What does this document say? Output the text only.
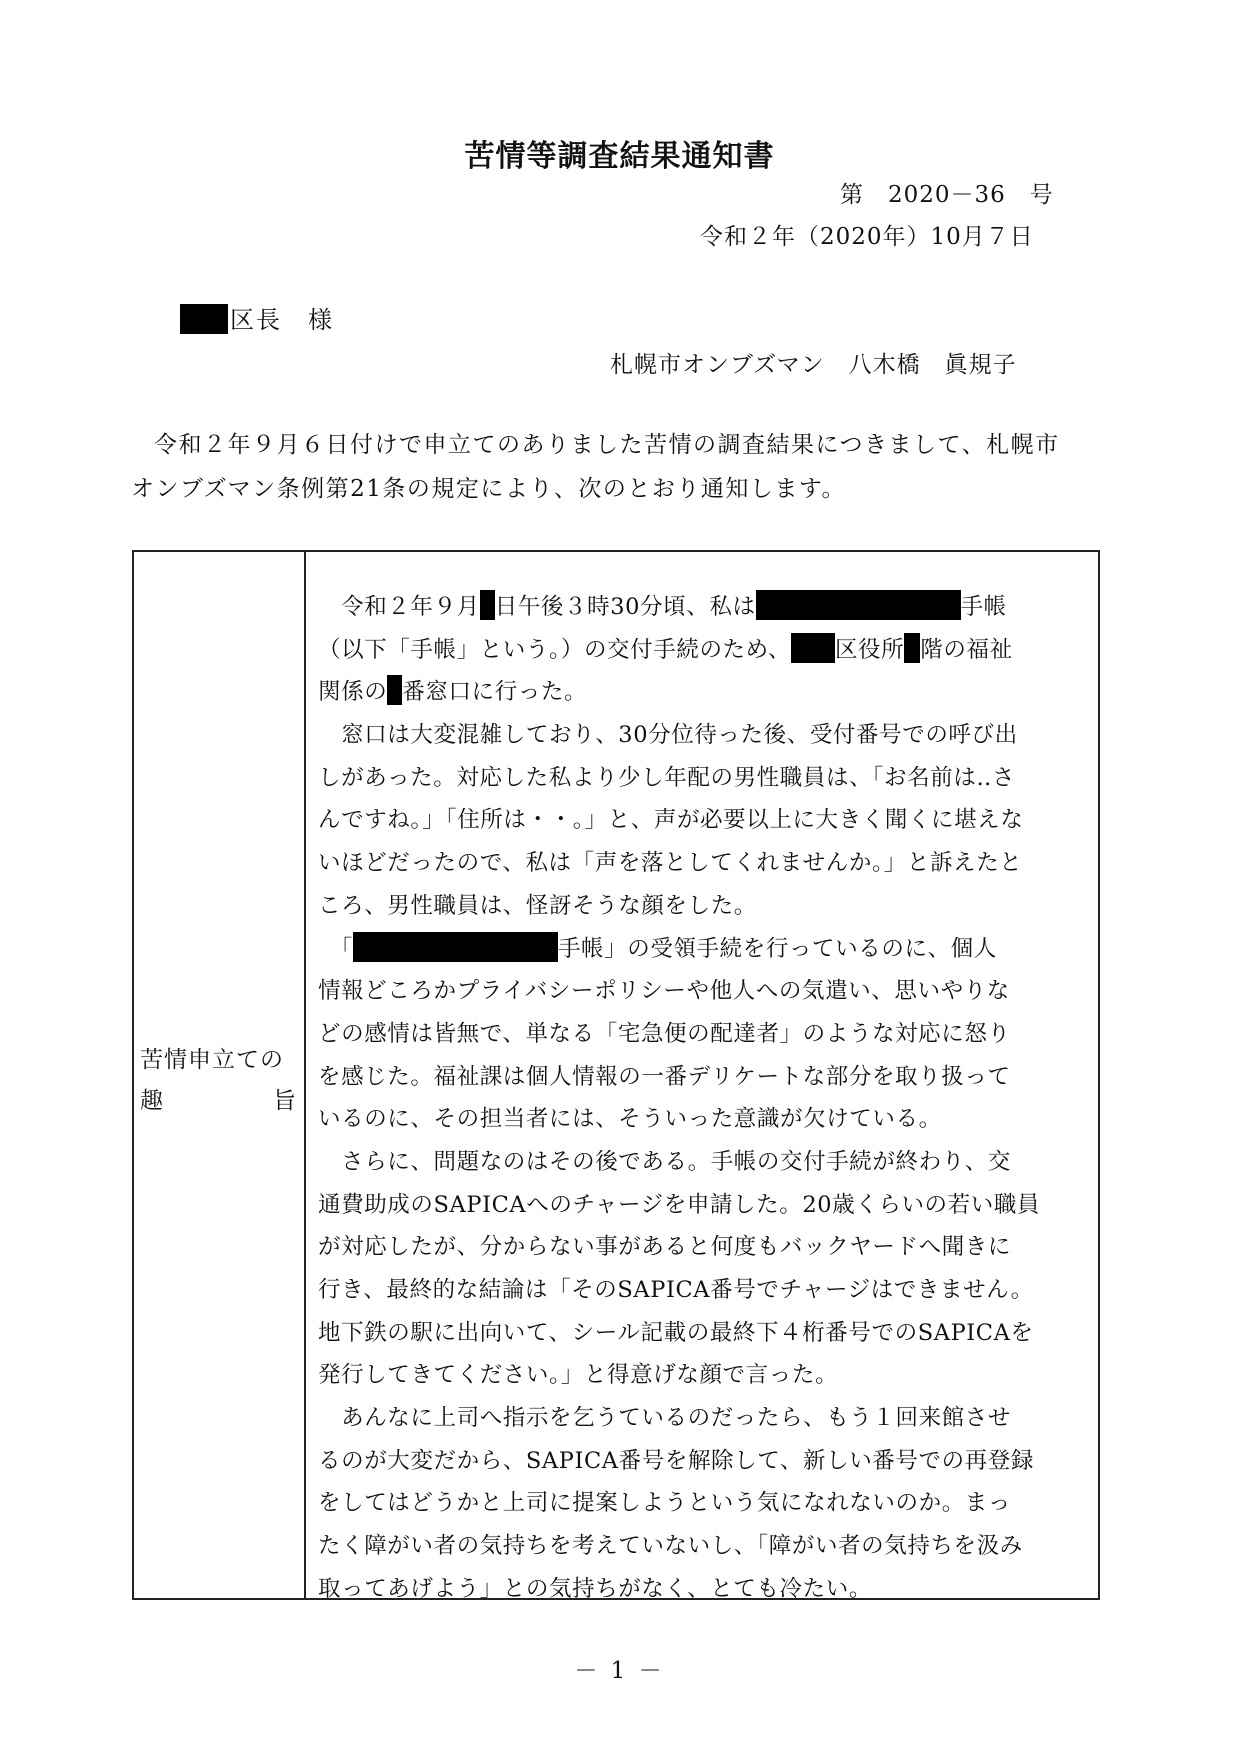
苦情等調査結果通知書
第　2020－36　号
令和２年（2020年）10月７日
区長　様
札幌市オンブズマン　八木橋　眞規子

令和２年９月６日付けで申立てのありました苦情の調査結果につきまして、札幌市

オンブズマン条例第21条の規定により、次のとおり通知します。

苦情申立ての
趣	旨
　令和２年９月 日午後３時30分頃、私は	手帳
（以下「手帳」という。）の交付手続のため、 区役所 階の福祉
関係の 番窓口に行った。
　窓口は大変混雑しており、30分位待った後、受付番号での呼び出
しがあった。対応した私より少し年配の男性職員は、「お名前は‥さ
んですね。」「住所は・・。」と、声が必要以上に大きく聞くに堪えな
いほどだったので、私は「声を落としてくれませんか。」と訴えたと
ころ、男性職員は、怪訝そうな顔をした。
　「	手帳」の受領手続を行っているのに、個人
情報どころかプライバシーポリシーや他人への気遣い、思いやりな
どの感情は皆無で、単なる「宅急便の配達者」のような対応に怒り
を感じた。福祉課は個人情報の一番デリケートな部分を取り扱って
いるのに、その担当者には、そういった意識が欠けている。
　さらに、問題なのはその後である。手帳の交付手続が終わり、交
通費助成のSAPICAへのチャージを申請した。20歳くらいの若い職員
が対応したが、分からない事があると何度もバックヤードへ聞きに
行き、最終的な結論は「そのSAPICA番号でチャージはできません。
地下鉄の駅に出向いて、シール記載の最終下４桁番号でのSAPICAを
発行してきてください。」と得意げな顔で言った。
　あんなに上司へ指示を乞うているのだったら、もう１回来館させ
るのが大変だから、SAPICA番号を解除して、新しい番号での再登録
をしてはどうかと上司に提案しようという気になれないのか。まっ
たく障がい者の気持ちを考えていないし、「障がい者の気持ちを汲み
取ってあげよう」との気持ちがなく、とても冷たい。
－ 1 －
